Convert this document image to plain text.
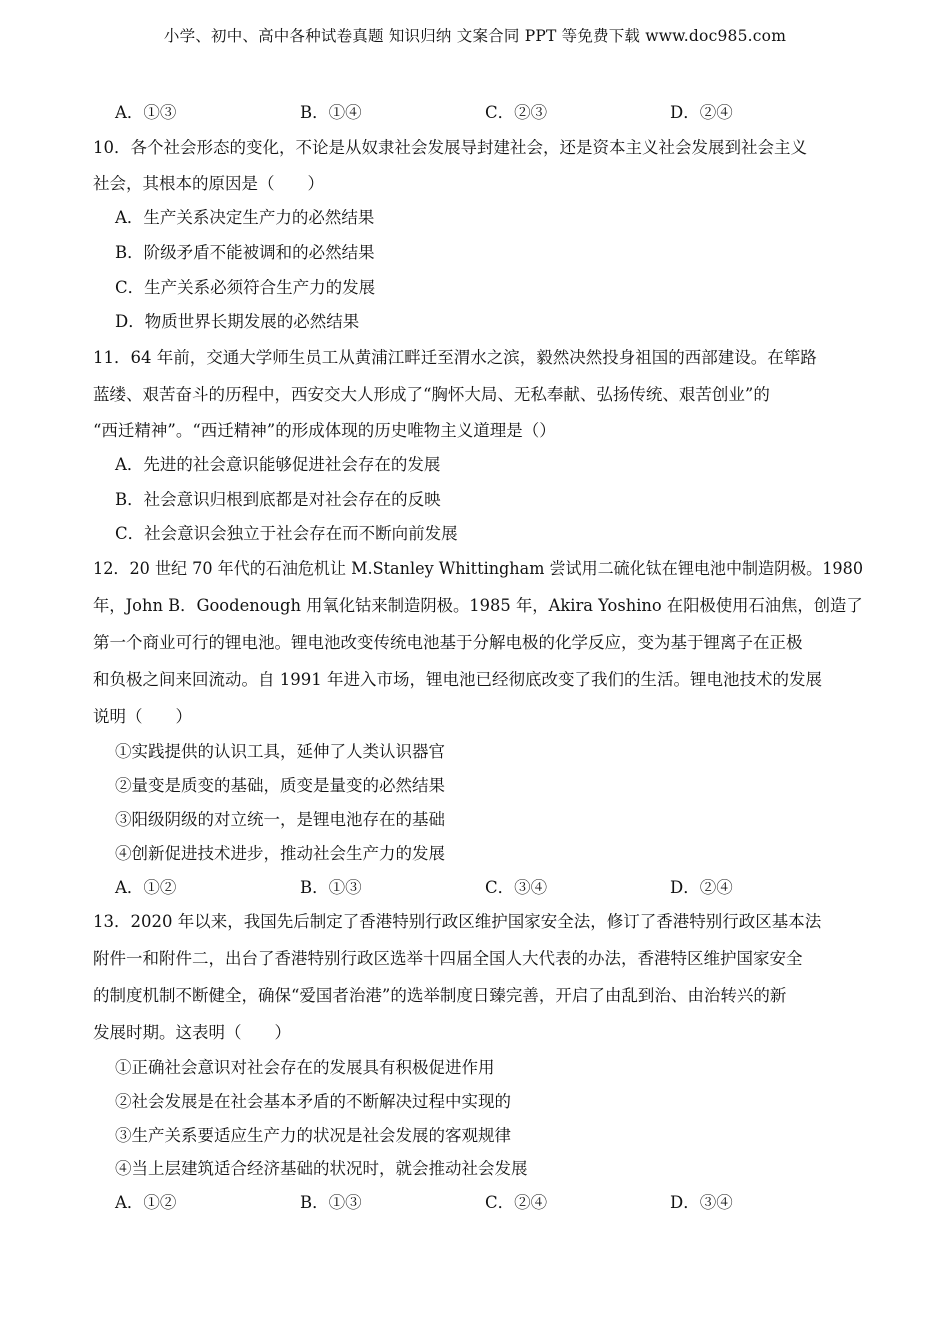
小学、初中、高中各种试卷真题 知识归纳 文案合同 PPT 等免费下载 www.doc985.com
A．①③	B．①④	C．②③	D．②④
10．各个社会形态的变化，不论是从奴隶社会发展导封建社会，还是资本主义社会发展到社会主义
社会，其根本的原因是（　　）
A．生产关系决定生产力的必然结果
B．阶级矛盾不能被调和的必然结果
C．生产关系必须符合生产力的发展
D．物质世界长期发展的必然结果
11．64 年前，交通大学师生员工从黄浦江畔迁至渭水之滨，毅然决然投身祖国的西部建设。在筚路
蓝缕、艰苦奋斗的历程中，西安交大人形成了“胸怀大局、无私奉献、弘扬传统、艰苦创业”的
“西迁精神”。“西迁精神”的形成体现的历史唯物主义道理是（）
A．先进的社会意识能够促进社会存在的发展
B．社会意识归根到底都是对社会存在的反映
C．社会意识会独立于社会存在而不断向前发展
12．20 世纪 70 年代的石油危机让 M.Stanley Whittingham 尝试用二硫化钛在锂电池中制造阴极。1980
年，John B．Goodenough 用氧化钴来制造阴极。1985 年，Akira Yoshino 在阳极使用石油焦，创造了
第一个商业可行的锂电池。锂电池改变传统电池基于分解电极的化学反应，变为基于锂离子在正极
和负极之间来回流动。自 1991 年进入市场，锂电池已经彻底改变了我们的生活。锂电池技术的发展
说明（　　）
①实践提供的认识工具，延伸了人类认识器官
②量变是质变的基础，质变是量变的必然结果
③阳级阴级的对立统一，是锂电池存在的基础
④创新促进技术进步，推动社会生产力的发展
A．①②	B．①③	C．③④	D．②④
13．2020 年以来，我国先后制定了香港特别行政区维护国家安全法，修订了香港特别行政区基本法
附件一和附件二，出台了香港特别行政区选举十四届全国人大代表的办法，香港特区维护国家安全
的制度机制不断健全，确保“爱国者治港”的选举制度日臻完善，开启了由乱到治、由治转兴的新
发展时期。这表明（　　）
①正确社会意识对社会存在的发展具有积极促进作用
②社会发展是在社会基本矛盾的不断解决过程中实现的
③生产关系要适应生产力的状况是社会发展的客观规律
④当上层建筑适合经济基础的状况时，就会推动社会发展
A．①②	B．①③	C．②④	D．③④
